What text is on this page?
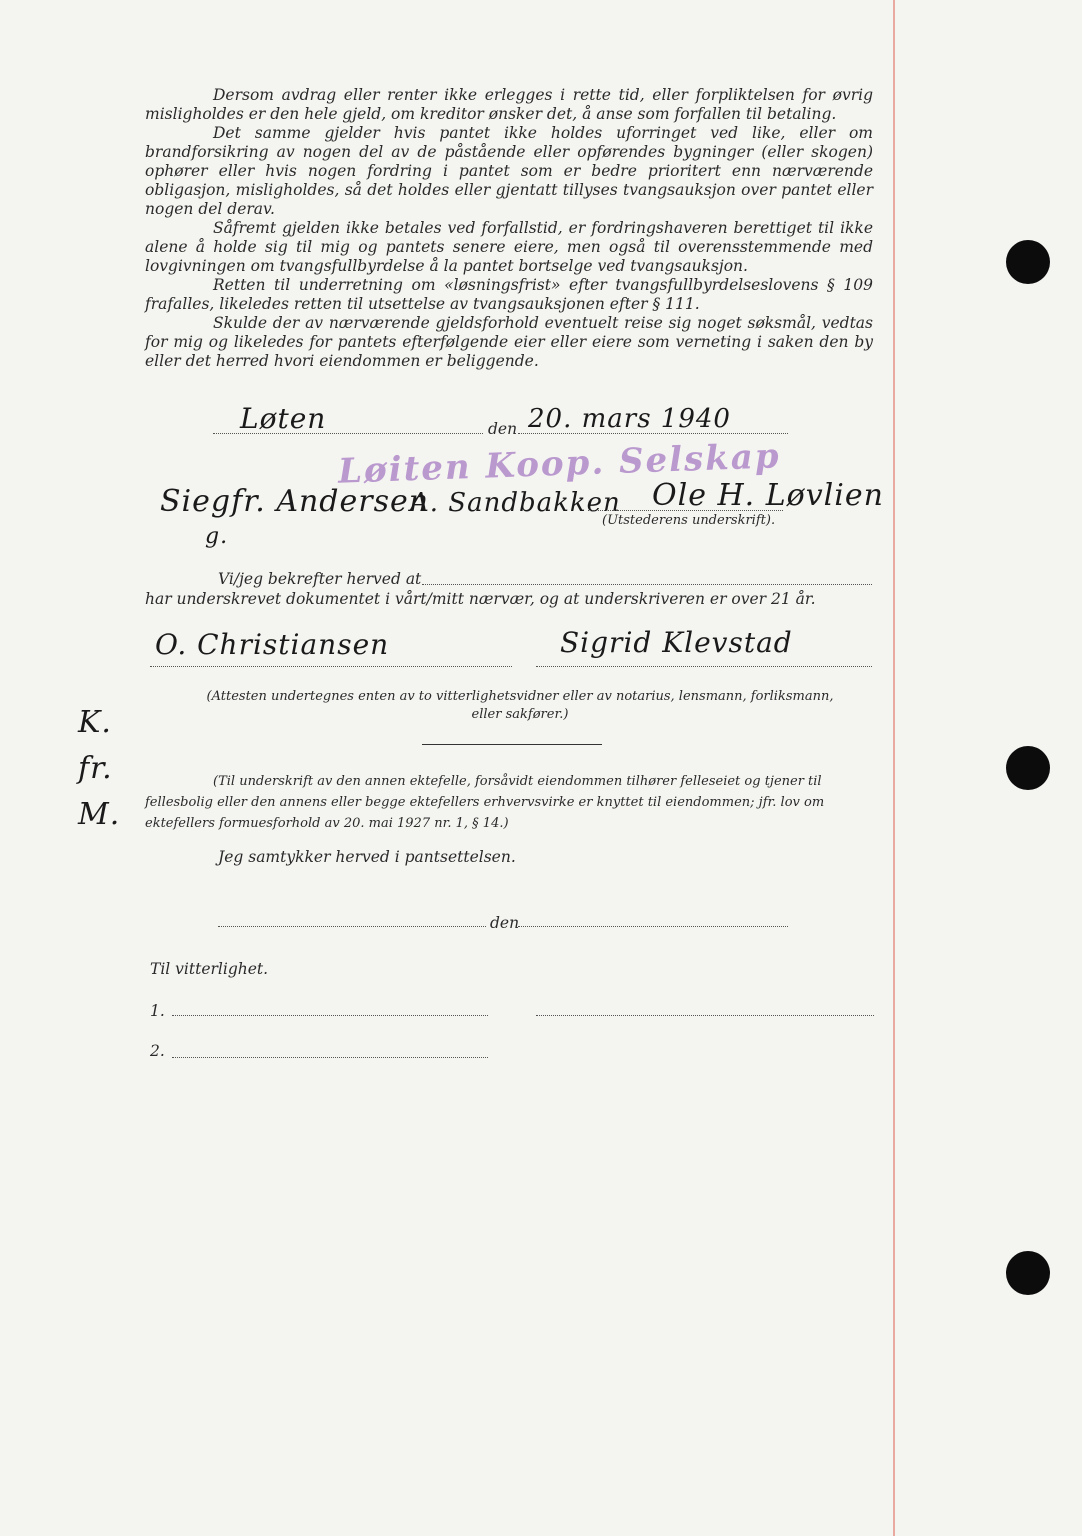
Dersom avdrag eller renter ikke erlegges i rette tid, eller forpliktelsen for øvrig misligholdes er den hele gjeld, om kreditor ønsker det, å anse som forfallen til betaling.
Det samme gjelder hvis pantet ikke holdes uforringet ved like, eller om brandforsikring av nogen del av de påstående eller opførendes bygninger (eller skogen) ophører eller hvis nogen fordring i pantet som er bedre prioritert enn nærværende obligasjon, misligholdes, så det holdes eller gjentatt tillyses tvangsauksjon over pantet eller nogen del derav.
Såfremt gjelden ikke betales ved forfallstid, er fordringshaveren berettiget til ikke alene å holde sig til mig og pantets senere eiere, men også til overensstemmende med lovgivningen om tvangsfullbyrdelse å la pantet bortselge ved tvangsauksjon.
Retten til underretning om «løsningsfrist» efter tvangsfullbyrdelseslovens § 109 frafalles, likeledes retten til utsettelse av tvangsauksjonen efter § 111.
Skulde der av nærværende gjeldsforhold eventuelt reise sig noget søksmål, vedtas for mig og likeledes for pantets efterfølgende eier eller eiere som verneting i saken den by eller det herred hvori eiendommen er beliggende.
Løten	den 20. mars 1940
Løiten Koop. Selskap
Siegfr. Andersen
A. Sandbakken Ole H. Løvlien
g.
(Utstederens underskrift).
Vi/jeg bekrefter herved at
har underskrevet dokumentet i vårt/mitt nærvær, og at underskriveren er over 21 år.
O. Christiansen	Sigrid Klevstad
(Attesten undertegnes enten av to vitterlighetsvidner eller av notarius, lensmann, forliksmann, eller sakfører.)
K. fr. M.
(Til underskrift av den annen ektefelle, forsåvidt eiendommen tilhører felleseiet og tjener til fellesbolig eller den annens eller begge ektefellers erhvervsvirke er knyttet til eiendommen; jfr. lov om ektefellers formuesforhold av 20. mai 1927 nr. 1, § 14.)
Jeg samtykker herved i pantsettelsen.
den
Til vitterlighet.
1.
2.
